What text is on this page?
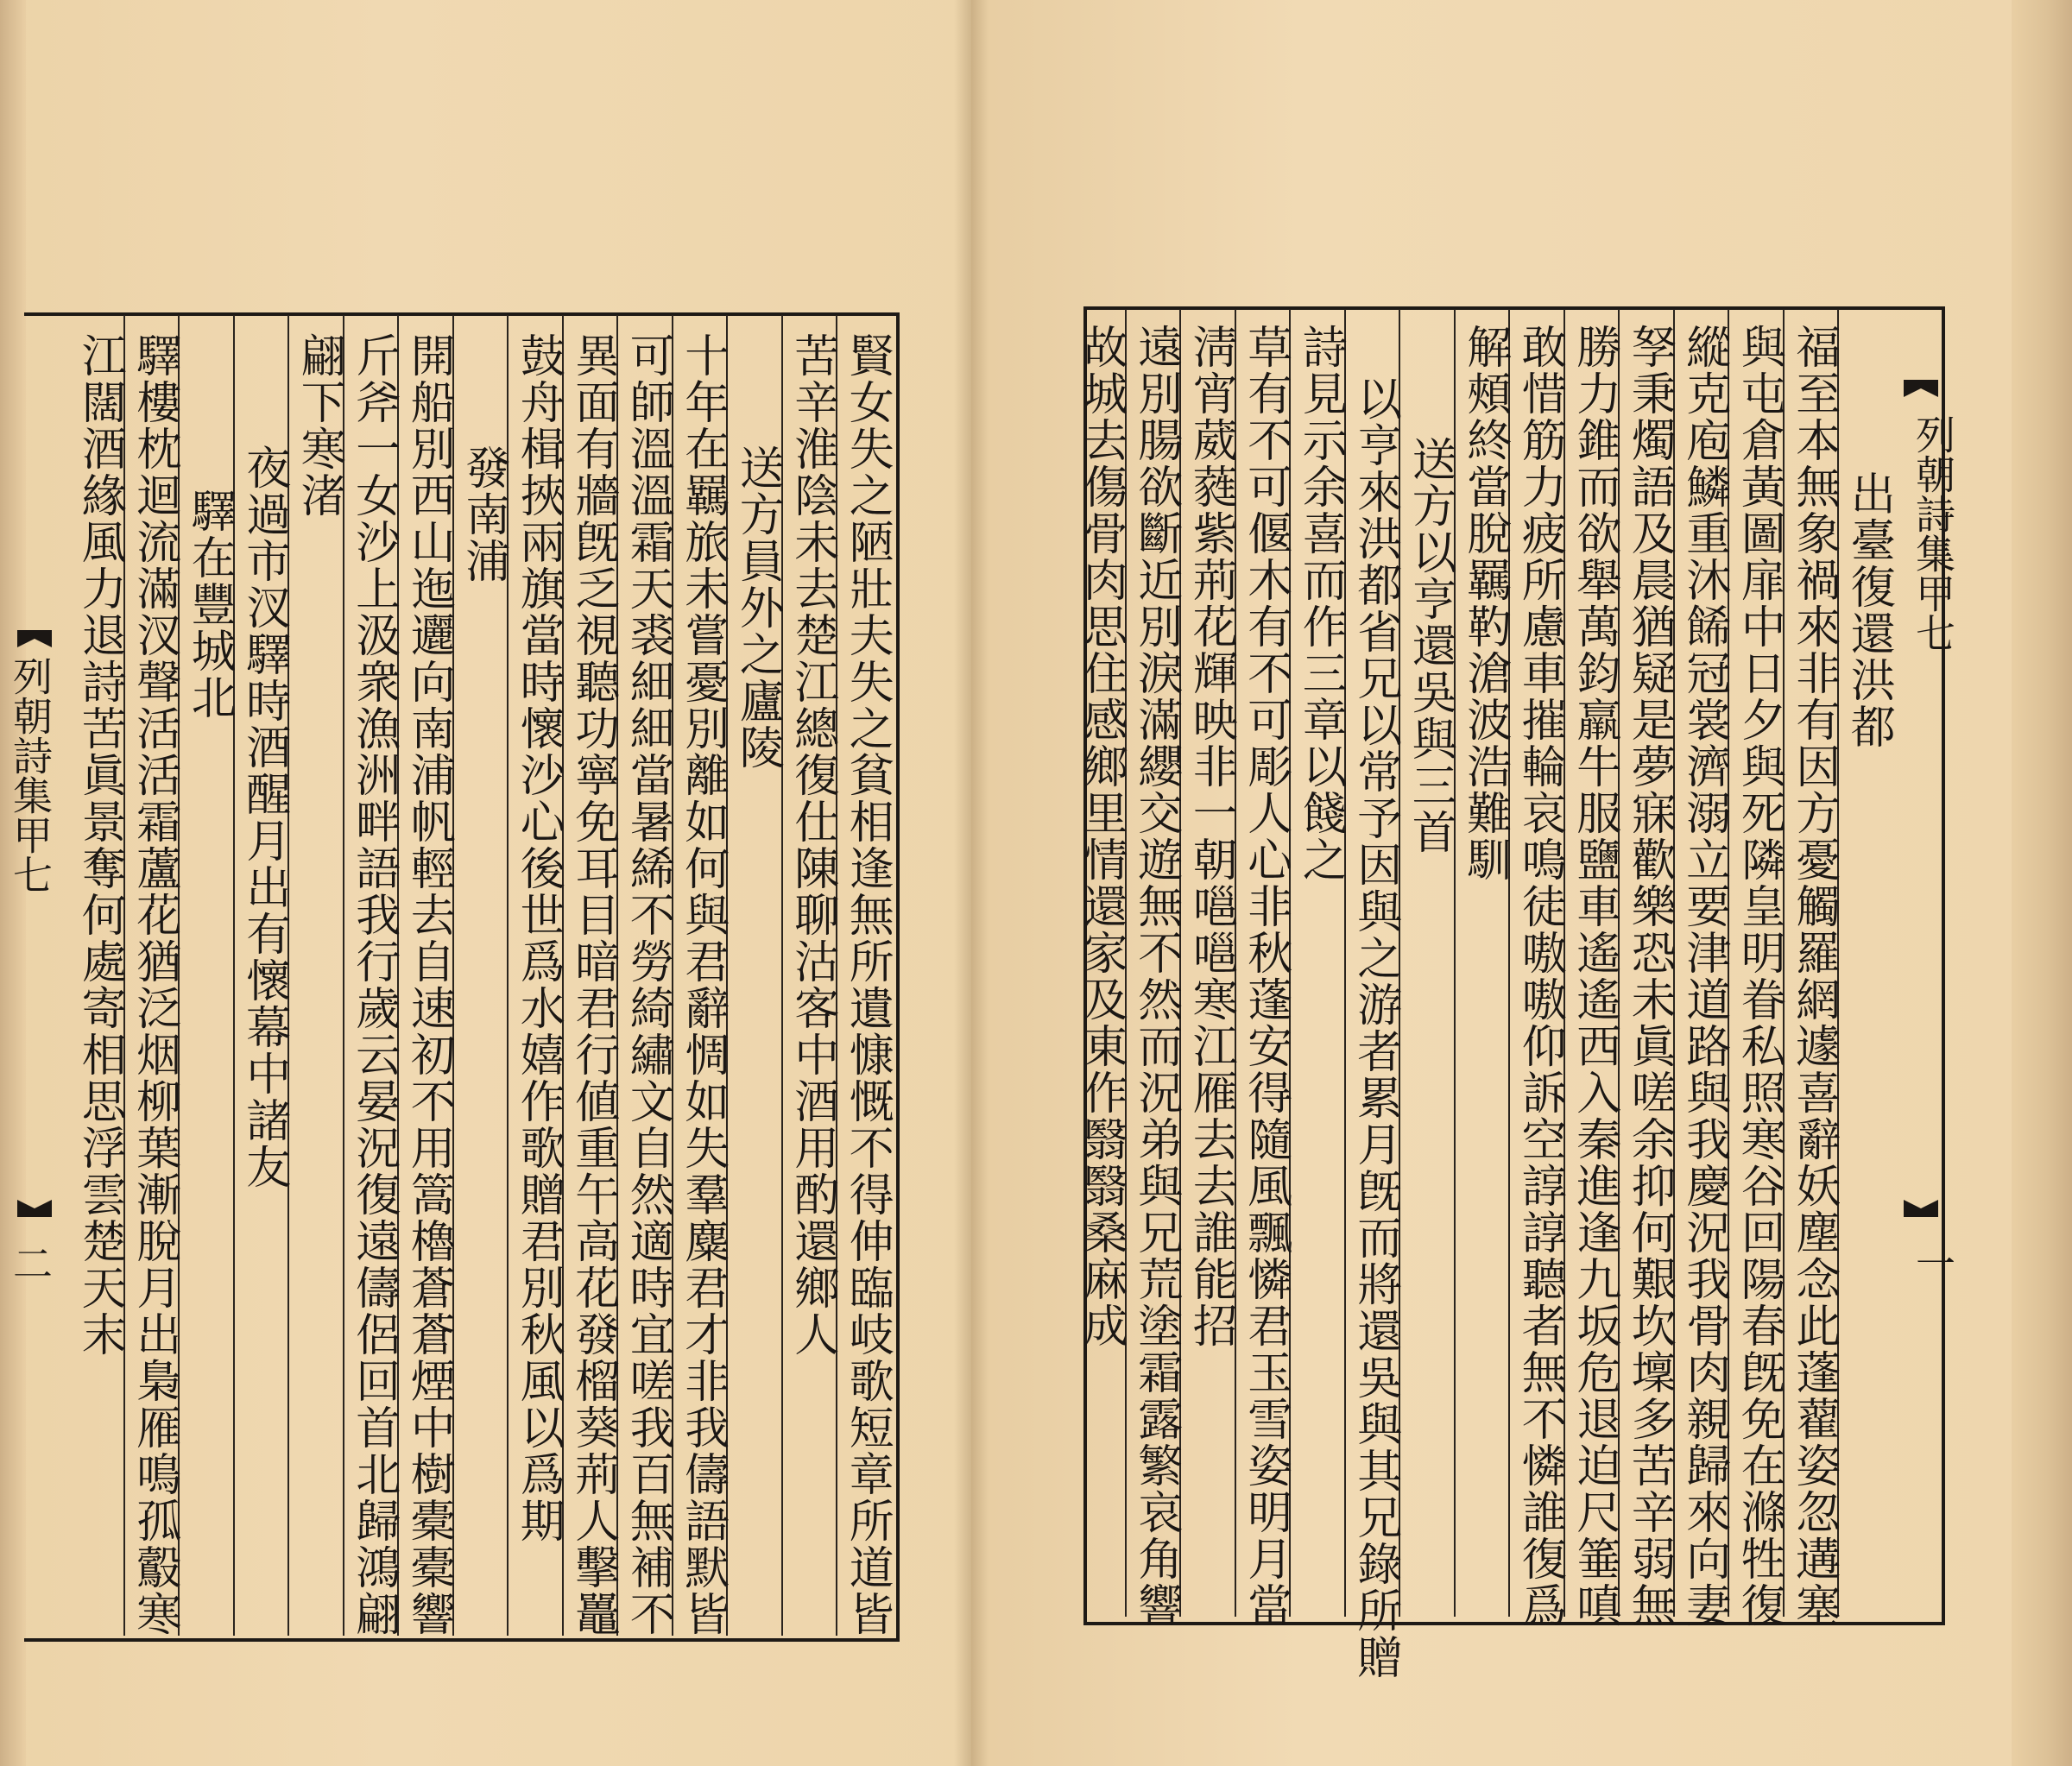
出臺復還洪都
福至本無象禍來非有因方憂觸羅網遽喜辭妖塵念此蓬藋姿忽遘塞
與屯倉黃圖扉中日夕與死隣皇明眷私照寒谷回陽春旣免在滌牲復
縱克庖鱗重沐餙冠裳濟溺立要津道路與我慶況我骨肉親歸來向妻
孥秉燭語及晨猶疑是夢寐歡樂恐未眞嗟余抑何艱坎壈多苦辛弱無
勝力錐而欲舉萬鈞羸牛服鹽車遙遙西入秦進逢九坂危退迫尺箠嗔
敢惜筋力疲所慮車摧輪哀鳴徒嗷嗷仰訴空諄諄聽者無不憐誰復爲
解頰終當脫羈靮滄波浩難馴
送方以亨還吳與三首
以亨來洪都省兄以常予因與之游者累月旣而將還吳與其兄錄所贈
詩見示余喜而作三章以餞之
草有不可偃木有不可彫人心非秋蓬安得隨風飄憐君玉雪姿明月當
淸宵葳蕤紫荊花輝映非一朝嗈嗈寒江雁去去誰能招
遠別腸欲斷近別淚滿纓交遊無不然而況弟與兄荒塗霜露繁哀角響
故城去傷骨肉思住感鄉里情還家及東作翳翳桑麻成	列朝詩集甲七
一
賢女失之陋壯夫失之貧相逢無所遺慷慨不得伸臨岐歌短章所道皆
苦辛淮陰未去楚江總復仕陳聊沽客中酒用酌還鄉人
送方員外之廬陵
十年在羈旅未嘗憂別離如何與君辭惆如失羣麋君才非我儔語默皆
可師溫溫霜天裘細細當暑絺不勞綺繡文自然適時宜嗟我百無補不
異面有牆旣乏視聽功寧免耳目暗君行値重午高花發榴葵荊人擊鼉
鼓舟楫挾兩旗當時懷沙心後世爲水嬉作歌贈君別秋風以爲期
發南浦
開船別西山迤邐向南浦帆輕去自速初不用篙櫓蒼蒼煙中樹橐橐響
斤斧一女沙上汲衆漁洲畔語我行歲云晏況復遠儔侶回首北歸鴻翩
翩下寒渚
夜過市汊驛時酒醒月出有懷幕中諸友
驛在豐城北
驛樓枕迴流滿汊聲活活霜蘆花猶泛烟柳葉漸脫月出梟雁鳴孤鷇寒
江闊酒緣風力退詩苦眞景奪何處寄相思浮雲楚天末
列朝詩集甲七
二
